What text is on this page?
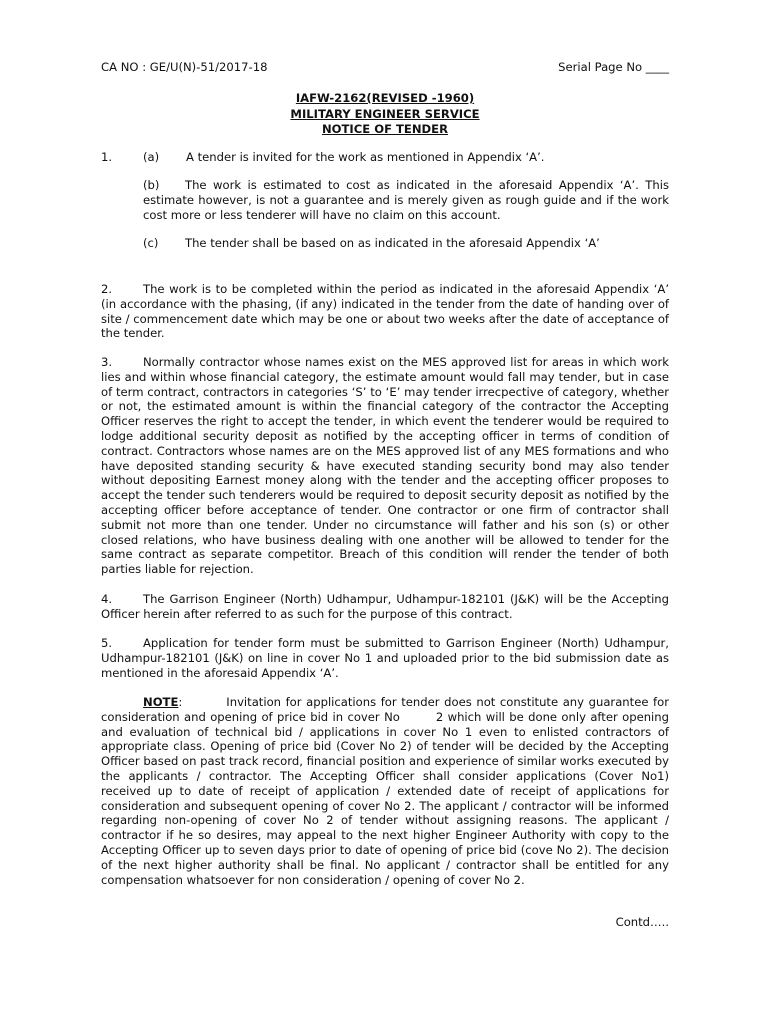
CA NO : GE/U(N)-51/2017-18	Serial Page No ____
IAFW-2162(REVISED -1960)
MILITARY ENGINEER SERVICE
NOTICE OF TENDER
1.	(a) A tender is invited for the work as mentioned in Appendix ‘A’.
(b) The work is estimated to cost as indicated in the aforesaid Appendix ‘A’. This estimate however, is not a guarantee and is merely given as rough guide and if the work cost more or less tenderer will have no claim on this account.
(c) The tender shall be based on as indicated in the aforesaid Appendix ‘A’
2.	The work is to be completed within the period as indicated in the aforesaid Appendix ‘A’ (in accordance with the phasing, (if any) indicated in the tender from the date of handing over of site / commencement date which may be one or about two weeks after the date of acceptance of the tender.
3.	Normally contractor whose names exist on the MES approved list for areas in which work lies and within whose financial category, the estimate amount would fall may tender, but in case of term contract, contractors in categories ‘S’ to ‘E’ may tender irrecpective of category, whether or not, the estimated amount is within the financial category of the contractor the Accepting Officer reserves the right to accept the tender, in which event the tenderer would be required to lodge additional security deposit as notified by the accepting officer in terms of condition of contract. Contractors whose names are on the MES approved list of any MES formations and who have deposited standing security & have executed standing security bond may also tender without depositing Earnest money along with the tender and the accepting officer proposes to accept the tender such tenderers would be required to deposit security deposit as notified by the accepting officer before acceptance of tender. One contractor or one firm of contractor shall submit not more than one tender. Under no circumstance will father and his son (s) or other closed relations, who have business dealing with one another will be allowed to tender for the same contract as separate competitor. Breach of this condition will render the tender of both parties liable for rejection.
4.	The Garrison Engineer (North) Udhampur, Udhampur-182101 (J&K) will be the Accepting Officer herein after referred to as such for the purpose of this contract.
5.	Application for tender form must be submitted to Garrison Engineer (North) Udhampur, Udhampur-182101 (J&K) on line in cover No 1 and uploaded prior to the bid submission date as mentioned in the aforesaid Appendix ‘A’.
NOTE:	Invitation for applications for tender does not constitute any guarantee for consideration and opening of price bid in cover No	2 which will be done only after opening and evaluation of technical bid / applications in cover No 1 even to enlisted contractors of appropriate class. Opening of price bid (Cover No 2) of tender will be decided by the Accepting Officer based on past track record, financial position and experience of similar works executed by the applicants / contractor. The Accepting Officer shall consider applications (Cover No1) received up to date of receipt of application / extended date of receipt of applications for consideration and subsequent opening of cover No 2. The applicant / contractor will be informed regarding non-opening of cover No 2 of tender without assigning reasons. The applicant / contractor if he so desires, may appeal to the next higher Engineer Authority with copy to the Accepting Officer up to seven days prior to date of opening of price bid (cove No 2). The decision of the next higher authority shall be final. No applicant / contractor shall be entitled for any compensation whatsoever for non consideration / opening of cover No 2.
Contd…..
